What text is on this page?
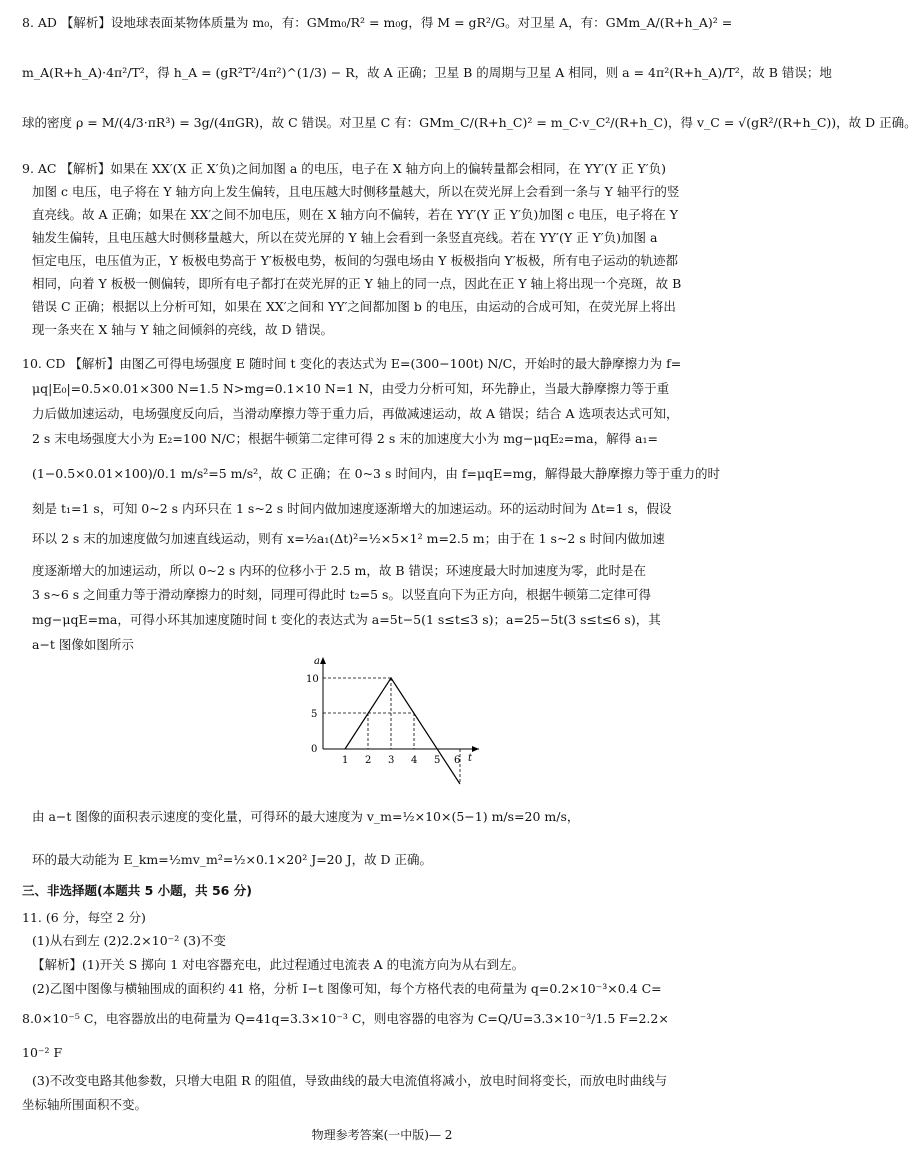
8. AD 【解析】设地球表面某物体质量为 m₀，有：GMm₀/R² = m₀g，得 M = gR²/G。对卫星 A，有：GMm_A/(R+h_A)² =
m_A(R+h_A)·4π²/T²，得 h_A = (gR²T²/4π²)^(1/3) − R，故 A 正确；卫星 B 的周期与卫星 A 相同，则 a = 4π²(R+h_A)/T²，故 B 错误；地
球的密度 ρ = M/(4/3·πR³) = 3g/(4πGR)，故 C 错误。对卫星 C 有：GMm_C/(R+h_C)² = m_C·v_C²/(R+h_C)，得 v_C = √(gR²/(R+h_C))，故 D 正确。
9. AC 【解析】如果在 XX′(X 正 X′负)之间加图 a 的电压，电子在 X 轴方向上的偏转量都会相同，在 YY′(Y 正 Y′负)
加图 c 电压，电子将在 Y 轴方向上发生偏转，且电压越大时侧移量越大，所以在荧光屏上会看到一条与 Y 轴平行的竖
直亮线。故 A 正确；如果在 XX′之间不加电压，则在 X 轴方向不偏转，若在 YY′(Y 正 Y′负)加图 c 电压，电子将在 Y
轴发生偏转，且电压越大时侧移量越大，所以在荧光屏的 Y 轴上会看到一条竖直亮线。若在 YY′(Y 正 Y′负)加图 a
恒定电压，电压值为正，Y 板极电势高于 Y′板极电势，板间的匀强电场由 Y 板极指向 Y′板极，所有电子运动的轨迹都
相同，向着 Y 板极一侧偏转，即所有电子都打在荧光屏的正 Y 轴上的同一点，因此在正 Y 轴上将出现一个亮斑，故 B
错误 C 正确；根据以上分析可知，如果在 XX′之间和 YY′之间都加图 b 的电压，由运动的合成可知，在荧光屏上将出
现一条夹在 X 轴与 Y 轴之间倾斜的亮线，故 D 错误。
10. CD 【解析】由图乙可得电场强度 E 随时间 t 变化的表达式为 E=(300−100t) N/C，开始时的最大静摩擦力为 f=
μq|E₀|=0.5×0.01×300 N=1.5 N>mg=0.1×10 N=1 N，由受力分析可知，环先静止，当最大静摩擦力等于重
力后做加速运动，电场强度反向后，当滑动摩擦力等于重力后，再做减速运动，故 A 错误；结合 A 选项表达式可知，
2 s 末电场强度大小为 E₂=100 N/C；根据牛顿第二定律可得 2 s 末的加速度大小为 mg−μqE₂=ma，解得 a₁=
(1−0.5×0.01×100)/0.1 m/s²=5 m/s²，故 C 正确；在 0~3 s 时间内，由 f=μqE=mg，解得最大静摩擦力等于重力的时
刻是 t₁=1 s，可知 0~2 s 内环只在 1 s~2 s 时间内做加速度逐渐增大的加速运动。环的运动时间为 Δt=1 s，假设
环以 2 s 末的加速度做匀加速直线运动，则有 x=½a₁(Δt)²=½×5×1² m=2.5 m；由于在 1 s~2 s 时间内做加速
度逐渐增大的加速运动，所以 0~2 s 内环的位移小于 2.5 m，故 B 错误；环速度最大时加速度为零，此时是在
3 s~6 s 之间重力等于滑动摩擦力的时刻，同理可得此时 t₂=5 s。以竖直向下为正方向，根据牛顿第二定律可得
mg−μqE=ma，可得小环其加速度随时间 t 变化的表达式为 a=5t−5(1 s≤t≤3 s)；a=25−5t(3 s≤t≤6 s)，其
a−t 图像如图所示
a
t
10
5
0
1 2 3 4 5 6
由 a−t 图像的面积表示速度的变化量，可得环的最大速度为 v_m=½×10×(5−1) m/s=20 m/s，
环的最大动能为 E_km=½mv_m²=½×0.1×20² J=20 J，故 D 正确。
三、非选择题(本题共 5 小题，共 56 分)
11. (6 分，每空 2 分)
(1)从右到左 (2)2.2×10⁻² (3)不变
【解析】(1)开关 S 掷向 1 对电容器充电，此过程通过电流表 A 的电流方向为从右到左。
(2)乙图中图像与横轴围成的面积约 41 格，分析 I−t 图像可知，每个方格代表的电荷量为 q=0.2×10⁻³×0.4 C=
8.0×10⁻⁵ C，电容器放出的电荷量为 Q=41q=3.3×10⁻³ C，则电容器的电容为 C=Q/U=3.3×10⁻³/1.5 F=2.2×
10⁻² F
(3)不改变电路其他参数，只增大电阻 R 的阻值，导致曲线的最大电流值将减小，放电时间将变长，而放电时曲线与
坐标轴所围面积不变。
物理参考答案(一中版)— 2
